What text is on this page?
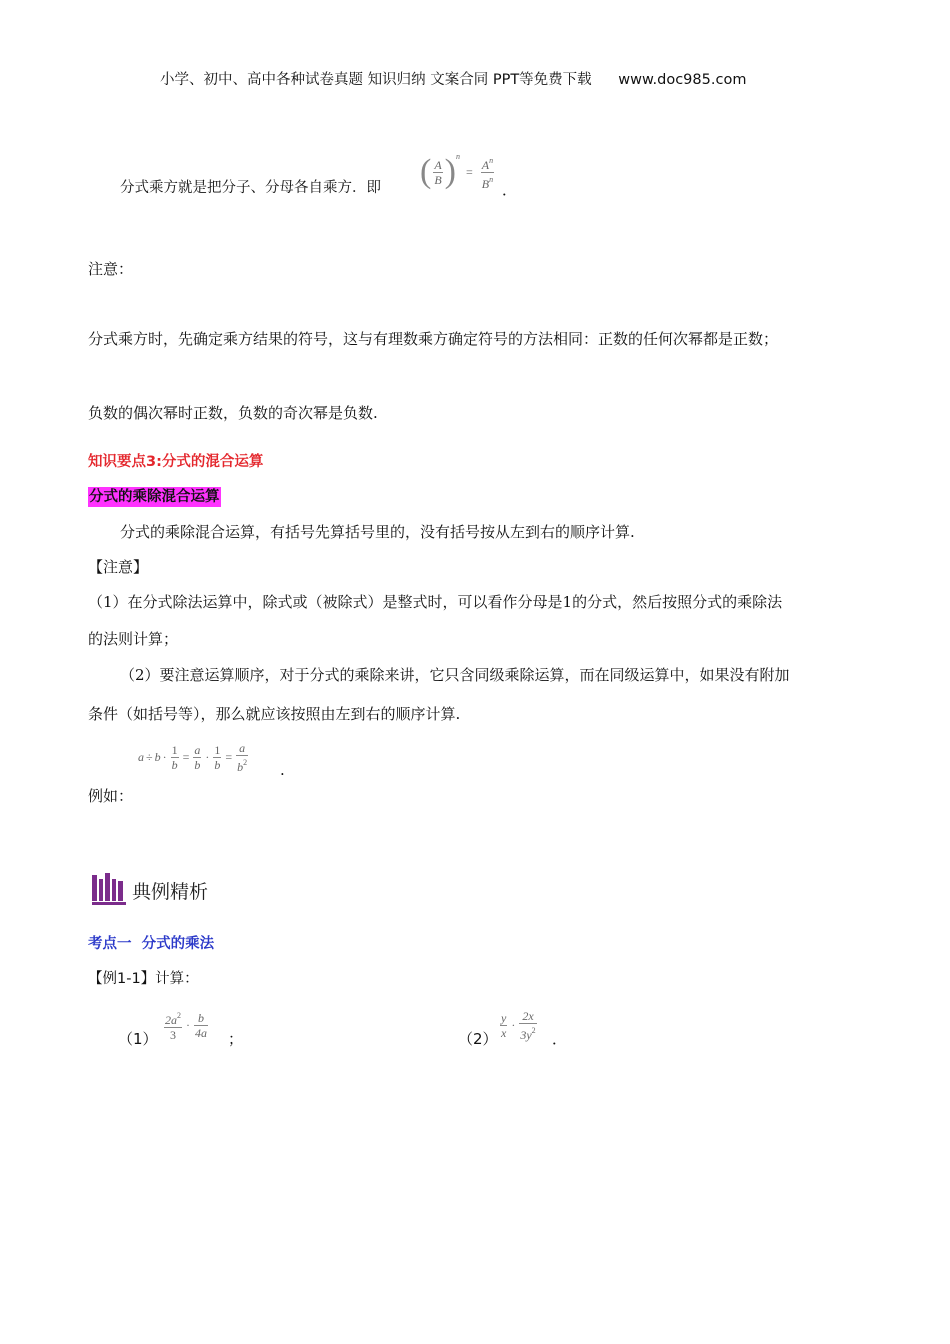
小学、初中、高中各种试卷真题 知识归纳 文案合同 PPT等免费下载 www.doc985.com
分式乘方就是把分子、分母各自乘方．即 ( $\frac{A}{B}$ ) n
= $\frac{A^n}{B^n}$ ．
注意：
分式乘方时，先确定乘方结果的符号，这与有理数乘方确定符号的方法相同：正数的任何次幂都是正数；
负数的偶次幂时正数，负数的奇次幂是负数.
知识要点3:分式的混合运算
分式的乘除混合运算
分式的乘除混合运算，有括号先算括号里的，没有括号按从左到右的顺序计算.
【注意】
（1）在分式除法运算中，除式或（被除式）是整式时，可以看作分母是1的分式，然后按照分式的乘除法
的法则计算；
（2）要注意运算顺序，对于分式的乘除来讲，它只含同级乘除运算，而在同级运算中，如果没有附加
条件（如括号等），那么就应该按照由左到右的顺序计算.
$a \div b \cdot \frac{1}{b} = \frac{a}{b} \cdot \frac{1}{b} = \frac{a}{b^2}$ .
例如：
典例精析
考点一  分式的乘法
【例1-1】计算：
$(1) \frac{2a^2}{3} \cdot \frac{b}{4a}$ ；	$(2) \frac{y}{x} \cdot \frac{2x}{3y^2}$ ．
